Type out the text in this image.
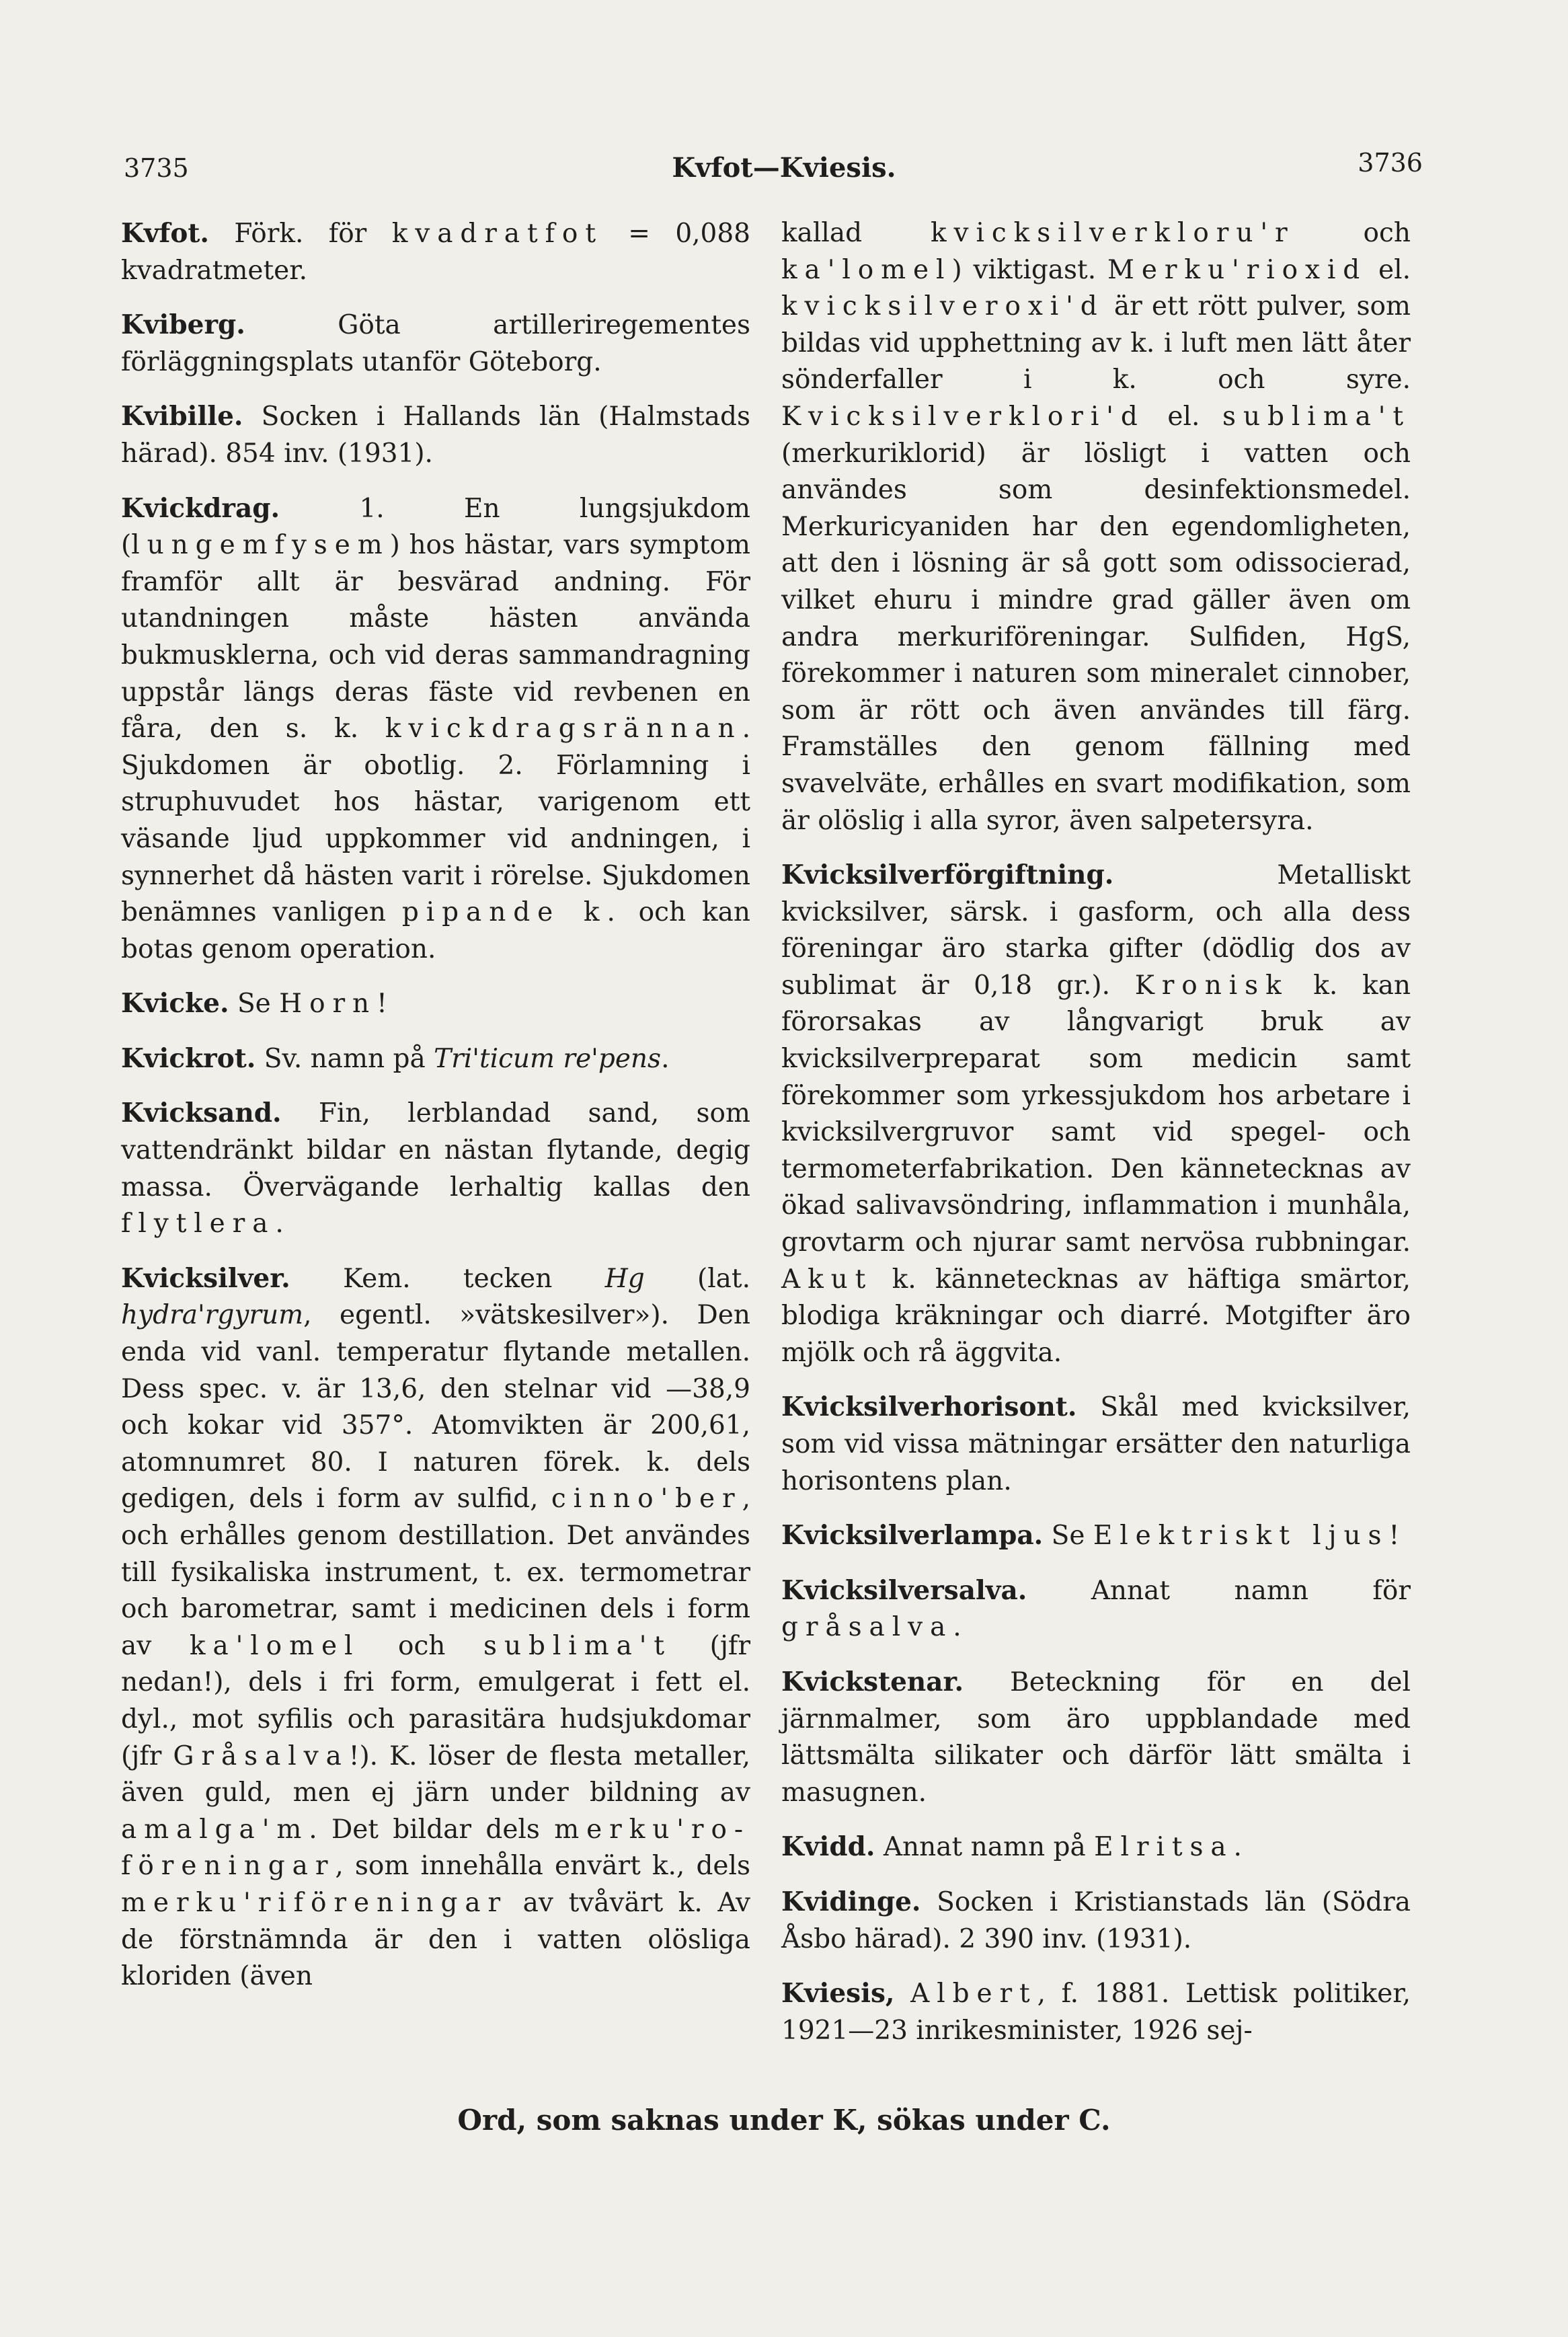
3735	Kvfot—Kviesis.	3736

Kvfot. Förk. för kvadratfot = 0,088 kvadratmeter.

Kviberg. Göta artilleriregementes förläggningsplats utanför Göteborg.

Kvibille. Socken i Hallands län (Halmstads härad). 854 inv. (1931).

Kvickdrag. 1. En lungsjukdom (lungemfysem) hos hästar, vars symptom framför allt är besvärad andning. För utandningen måste hästen använda bukmusklerna, och vid deras sammandragning uppstår längs deras fäste vid revbenen en fåra, den s. k. kvickdragsrännan. Sjukdomen är obotlig. 2. Förlamning i struphuvudet hos hästar, varigenom ett väsande ljud uppkommer vid andningen, i synnerhet då hästen varit i rörelse. Sjukdomen benämnes vanligen pipande k. och kan botas genom operation.

Kvicke. Se Horn!

Kvickrot. Sv. namn på Tri'ticum re'pens.

Kvicksand. Fin, lerblandad sand, som vattendränkt bildar en nästan flytande, degig massa. Övervägande lerhaltig kallas den flytlera.

Kvicksilver. Kem. tecken Hg (lat. hydra'rgyrum, egentl. »vätskesilver»). Den enda vid vanl. temperatur flytande metallen. Dess spec. v. är 13,6, den stelnar vid —38,9 och kokar vid 357°. Atomvikten är 200,61, atomnumret 80. I naturen förek. k. dels gedigen, dels i form av sulfid, cinno'ber, och erhålles genom destillation. Det användes till fysikaliska instrument, t. ex. termometrar och barometrar, samt i medicinen dels i form av ka'lomel och sublima't (jfr nedan!), dels i fri form, emulgerat i fett el. dyl., mot syfilis och parasitära hudsjukdomar (jfr Gråsalva!). K. löser de flesta metaller, även guld, men ej järn under bildning av amalga'm. Det bildar dels merku'ro-föreningar, som innehålla envärt k., dels merku'riföreningar av tvåvärt k. Av de förstnämnda är den i vatten olösliga kloriden (även

kallad kvicksilverkloru'r och ka'lomel) viktigast. Merku'rioxid el. kvicksilveroxi'd är ett rött pulver, som bildas vid upphettning av k. i luft men lätt åter sönderfaller i k. och syre. Kvicksilverklori'd el. sublima't (merkuriklorid) är lösligt i vatten och användes som desinfektionsmedel. Merkuricyaniden har den egendomligheten, att den i lösning är så gott som odissocierad, vilket ehuru i mindre grad gäller även om andra merkuriföreningar. Sulfiden, HgS, förekommer i naturen som mineralet cinnober, som är rött och även användes till färg. Framställes den genom fällning med svavelväte, erhålles en svart modifikation, som är olöslig i alla syror, även salpetersyra.

Kvicksilverförgiftning. Metalliskt kvicksilver, särsk. i gasform, och alla dess föreningar äro starka gifter (dödlig dos av sublimat är 0,18 gr.). Kronisk k. kan förorsakas av långvarigt bruk av kvicksilverpreparat som medicin samt förekommer som yrkessjukdom hos arbetare i kvicksilvergruvor samt vid spegel- och termometerfabrikation. Den kännetecknas av ökad salivavsöndring, inflammation i munhåla, grovtarm och njurar samt nervösa rubbningar. Akut k. kännetecknas av häftiga smärtor, blodiga kräkningar och diarré. Motgifter äro mjölk och rå äggvita.

Kvicksilverhorisont. Skål med kvicksilver, som vid vissa mätningar ersätter den naturliga horisontens plan.

Kvicksilverlampa. Se Elektriskt ljus!

Kvicksilversalva. Annat namn för gråsalva.

Kvickstenar. Beteckning för en del järnmalmer, som äro uppblandade med lättsmälta silikater och därför lätt smälta i masugnen.

Kvidd. Annat namn på Elritsa.

Kvidinge. Socken i Kristianstads län (Södra Åsbo härad). 2 390 inv. (1931).

Kviesis, Albert, f. 1881. Lettisk politiker, 1921—23 inrikesminister, 1926 sej-

Ord, som saknas under K, sökas under C.
